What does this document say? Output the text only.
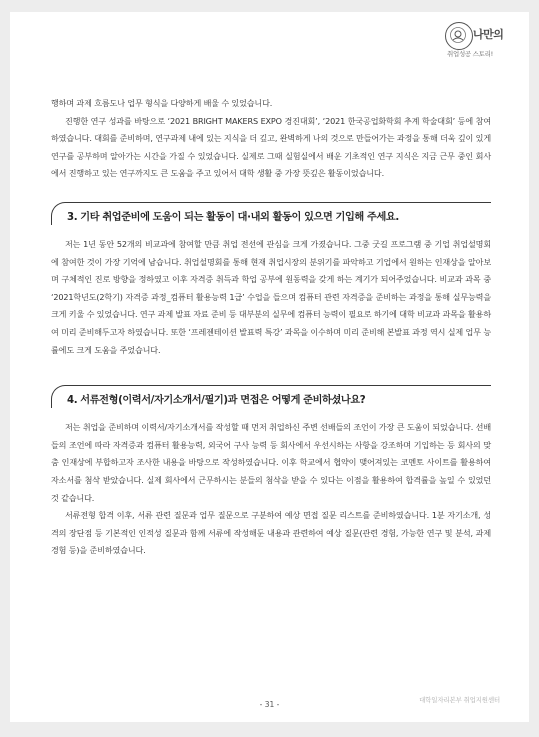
나만의
취업성공 스토리!

행하며 과제 흐름도나 업무 형식을 다양하게 배울 수 있었습니다.

진행한 연구 성과를 바탕으로 ‘2021 BRIGHT MAKERS EXPO 경진대회’, ‘2021 한국공업화학회 추계 학술대회’ 등에 참여하였습니다. 대회를 준비하며, 연구과제 내에 있는 지식을 더 깊고, 완벽하게 나의 것으로 만들어가는 과정을 통해 더욱 깊이 있게 연구를 공부하며 알아가는 시간을 가질 수 있었습니다. 실제로 그때 실험실에서 배운 기초적인 연구 지식은 지금 근무 중인 회사에서 진행하고 있는 연구까지도 큰 도움을 주고 있어서 대학 생활 중 가장 뜻깊은 활동이었습니다.

3. 기타 취업준비에 도움이 되는 활동이 대·내외 활동이 있으면 기입해 주세요.

저는 1년 동안 52개의 비교과에 참여할 만큼 취업 전선에 관심을 크게 가졌습니다. 그중 굿길 프로그램 중 기업 취업설명회에 참여한 것이 가장 기억에 남습니다. 취업설명회를 통해 현재 취업시장의 분위기를 파악하고 기업에서 원하는 인재상을 알아보며 구체적인 진로 방향을 정하였고 이후 자격증 취득과 학업 공부에 원동력을 갖게 하는 계기가 되어주었습니다. 비교과 과목 중 ‘2021학년도(2학기) 자격증 과정_컴퓨터 활용능력 1급’ 수업을 들으며 컴퓨터 관련 자격증을 준비하는 과정을 통해 실무능력을 크게 키울 수 있었습니다. 연구 과제 발표 자료 준비 등 대부분의 실무에 컴퓨터 능력이 필요로 하기에 대학 비교과 과목을 활용하여 미리 준비해두고자 하였습니다. 또한 ‘프레젠테이션 발표력 특강’ 과목을 이수하며 미리 준비해 본발표 과정 역시 실제 업무 능률에도 크게 도움을 주었습니다.

4. 서류전형(이력서/자기소개서/필기)과 면접은 어떻게 준비하셨나요?

저는 취업을 준비하며 이력서/자기소개서를 작성할 때 먼저 취업하신 주변 선배들의 조언이 가장 큰 도움이 되었습니다. 선배들의 조언에 따라 자격증과 컴퓨터 활용능력, 외국어 구사 능력 등 회사에서 우선시하는 사항을 강조하며 기입하는 등 회사의 맞춤 인재상에 부합하고자 조사한 내용을 바탕으로 작성하였습니다. 이후 학교에서 협약이 맺어져있는 코멘토 사이트를 활용하여 자소서를 첨삭 받았습니다. 실제 회사에서 근무하시는 분들의 첨삭을 받을 수 있다는 이점을 활용하여 합격률을 높일 수 있었던 것 같습니다.

서류전형 합격 이후, 서류 관련 질문과 업무 질문으로 구분하여 예상 면접 질문 리스트를 준비하였습니다. 1분 자기소개, 성격의 장단점 등 기본적인 인적성 질문과 함께 서류에 작성해둔 내용과 관련하여 예상 질문(관련 경험, 가능한 연구 및 분석, 과제 경험 등)을 준비하였습니다.

대학일자리본부 취업지원센터
- 31 -
